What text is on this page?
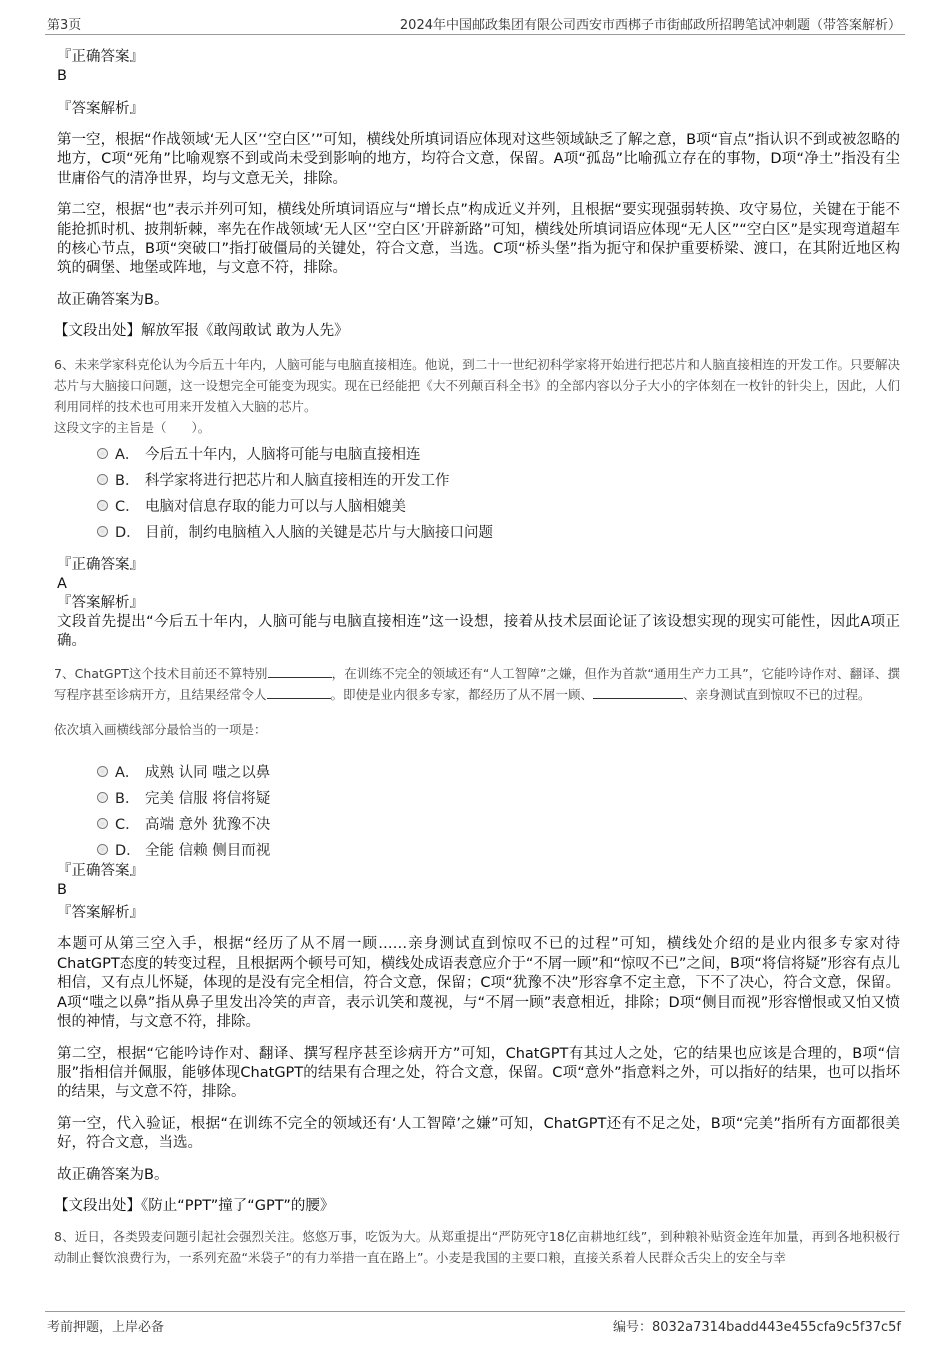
第3页	2024年中国邮政集团有限公司西安市西梆子市街邮政所招聘笔试冲刺题（带答案解析）
『正确答案』
B
『答案解析』

第一空，根据“作战领域‘无人区’‘空白区’”可知，横线处所填词语应体现对这些领域缺乏了解之意，B项“盲点”指认识不到或被忽略的地方，C项“死角”比喻观察不到或尚未受到影响的地方，均符合文意，保留。A项“孤岛”比喻孤立存在的事物，D项“净土”指没有尘世庸俗气的清净世界，均与文意无关，排除。

第二空，根据“也”表示并列可知，横线处所填词语应与“增长点”构成近义并列，且根据“要实现强弱转换、攻守易位，关键在于能不能抢抓时机、披荆斩棘，率先在作战领域‘无人区’‘空白区’开辟新路”可知，横线处所填词语应体现“无人区”“空白区”是实现弯道超车的核心节点，B项“突破口”指打破僵局的关键处，符合文意，当选。C项“桥头堡”指为扼守和保护重要桥梁、渡口，在其附近地区构筑的碉堡、地堡或阵地，与文意不符，排除。

故正确答案为B。

【文段出处】解放军报《敢闯敢试 敢为人先》

6、未来学家科克伦认为今后五十年内，人脑可能与电脑直接相连。他说，到二十一世纪初科学家将开始进行把芯片和人脑直接相连的开发工作。只要解决芯片与大脑接口问题，这一设想完全可能变为现实。现在已经能把《大不列颠百科全书》的全部内容以分子大小的字体刻在一枚针的针尖上，因此，人们利用同样的技术也可用来开发植入大脑的芯片。

这段文字的主旨是（　　）。

A． 今后五十年内，人脑将可能与电脑直接相连
B． 科学家将进行把芯片和人脑直接相连的开发工作
C． 电脑对信息存取的能力可以与人脑相媲美
D． 目前，制约电脑植入人脑的关键是芯片与大脑接口问题
『正确答案』
A
『答案解析』

文段首先提出“今后五十年内，人脑可能与电脑直接相连”这一设想，接着从技术层面论证了该设想实现的现实可能性，因此A项正确。

7、ChatGPT这个技术目前还不算特别	，在训练不完全的领域还有“人工智障”之嫌，但作为首款“通用生产力工具”，它能吟诗作对、翻译、撰写程序甚至诊病开方，且结果经常令人	。即使是业内很多专家，都经历了从不屑一顾、	、亲身测试直到惊叹不已的过程。

依次填入画横线部分最恰当的一项是：

A． 成熟 认同 嗤之以鼻
B． 完美 信服 将信将疑
C． 高端 意外 犹豫不决
D． 全能 信赖 侧目而视
『正确答案』
B
『答案解析』

本题可从第三空入手，根据“经历了从不屑一顾……亲身测试直到惊叹不已的过程”可知，横线处介绍的是业内很多专家对待ChatGPT态度的转变过程，且根据两个顿号可知，横线处成语表意应介于“不屑一顾”和“惊叹不已”之间，B项“将信将疑”形容有点儿相信，又有点儿怀疑，体现的是没有完全相信，符合文意，保留；C项“犹豫不决”形容拿不定主意，下不了决心，符合文意，保留。A项“嗤之以鼻”指从鼻子里发出冷笑的声音，表示讥笑和蔑视，与“不屑一顾”表意相近，排除；D项“侧目而视”形容憎恨或又怕又愤恨的神情，与文意不符，排除。

第二空，根据“它能吟诗作对、翻译、撰写程序甚至诊病开方”可知，ChatGPT有其过人之处，它的结果也应该是合理的，B项“信服”指相信并佩服，能够体现ChatGPT的结果有合理之处，符合文意，保留。C项“意外”指意料之外，可以指好的结果，也可以指坏的结果，与文意不符，排除。

第一空，代入验证，根据“在训练不完全的领域还有‘人工智障’之嫌”可知，ChatGPT还有不足之处，B项“完美”指所有方面都很美好，符合文意，当选。

故正确答案为B。

【文段出处】《防止“PPT”撞了“GPT”的腰》

8、近日，各类毁麦问题引起社会强烈关注。悠悠万事，吃饭为大。从郑重提出“严防死守18亿亩耕地红线”，到种粮补贴资金连年加量，再到各地积极行动制止餐饮浪费行为，一系列充盈“米袋子”的有力举措一直在路上”。小麦是我国的主要口粮，直接关系着人民群众舌尖上的安全与幸

考前押题，上岸必备	编号：8032a7314badd443e455cfa9c5f37c5f
